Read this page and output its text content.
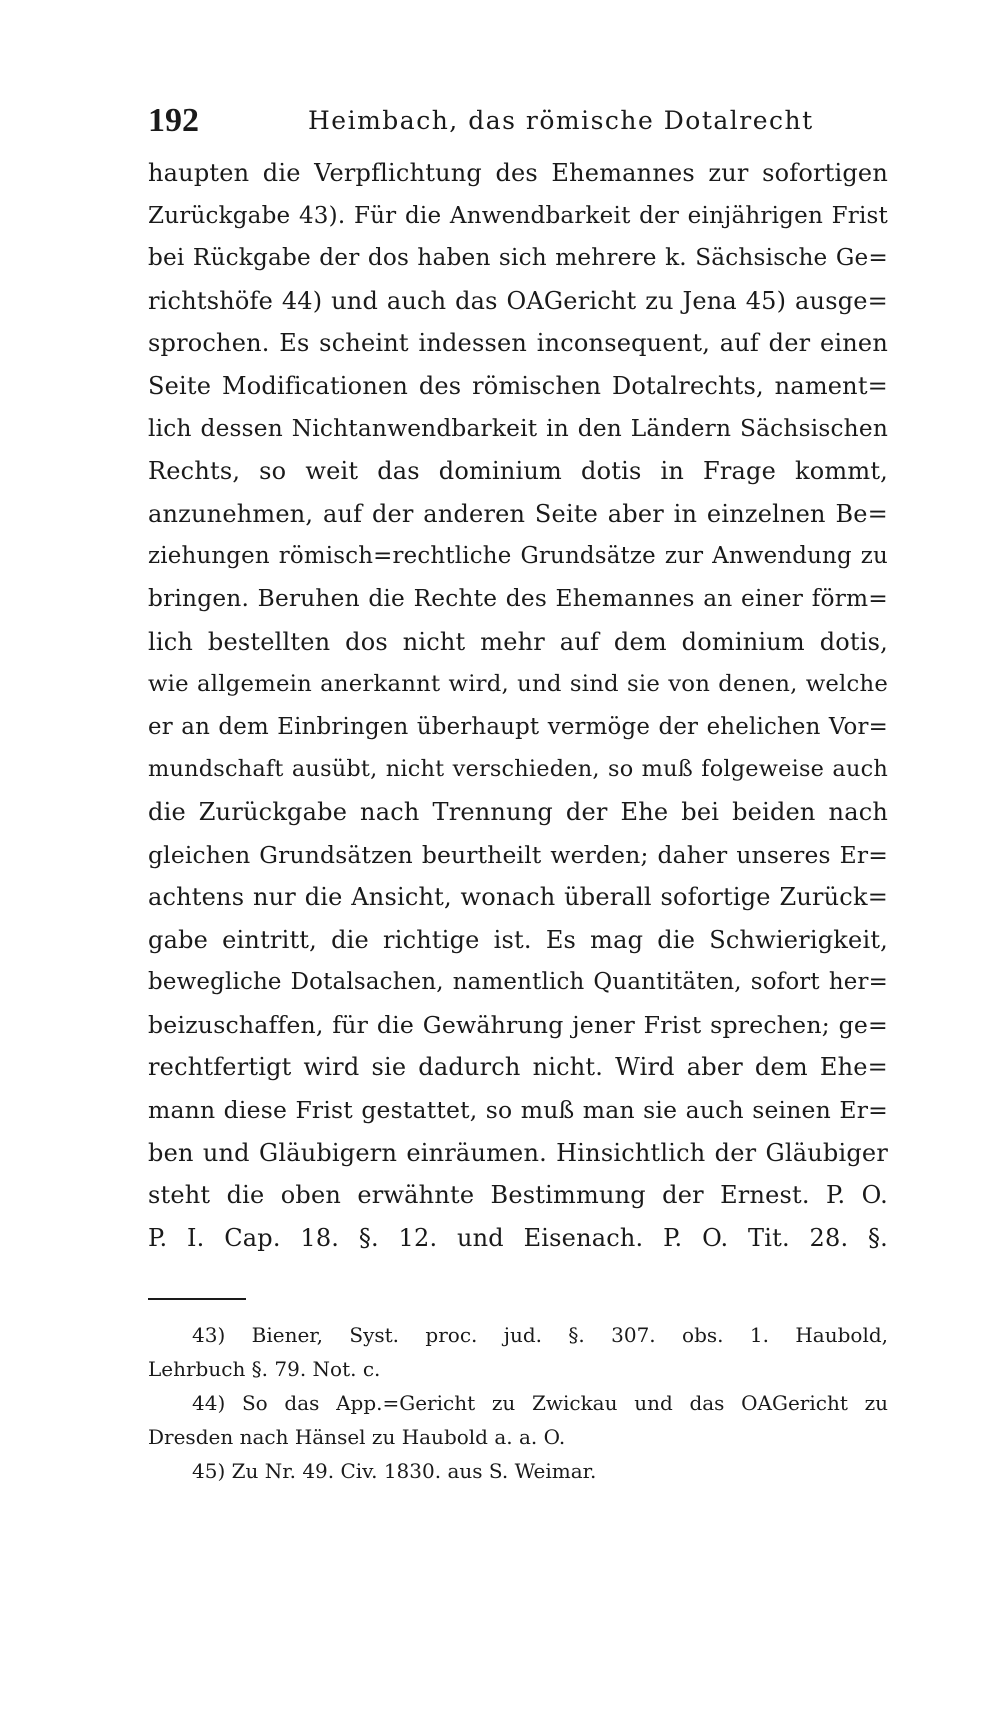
192	Heimbach, das römische Dotalrecht
haupten die Verpflichtung des Ehemannes zur sofortigen
Zurückgabe 43). Für die Anwendbarkeit der einjährigen Frist
bei Rückgabe der dos haben sich mehrere k. Sächsische Ge=
richtshöfe 44) und auch das OAGericht zu Jena 45) ausge=
sprochen. Es scheint indessen inconsequent, auf der einen
Seite Modificationen des römischen Dotalrechts, nament=
lich dessen Nichtanwendbarkeit in den Ländern Sächsischen
Rechts, so weit das dominium dotis in Frage kommt,
anzunehmen, auf der anderen Seite aber in einzelnen Be=
ziehungen römisch=rechtliche Grundsätze zur Anwendung zu
bringen. Beruhen die Rechte des Ehemannes an einer förm=
lich bestellten dos nicht mehr auf dem dominium dotis,
wie allgemein anerkannt wird, und sind sie von denen, welche
er an dem Einbringen überhaupt vermöge der ehelichen Vor=
mundschaft ausübt, nicht verschieden, so muß folgeweise auch
die Zurückgabe nach Trennung der Ehe bei beiden nach
gleichen Grundsätzen beurtheilt werden; daher unseres Er=
achtens nur die Ansicht, wonach überall sofortige Zurück=
gabe eintritt, die richtige ist. Es mag die Schwierigkeit,
bewegliche Dotalsachen, namentlich Quantitäten, sofort her=
beizuschaffen, für die Gewährung jener Frist sprechen; ge=
rechtfertigt wird sie dadurch nicht. Wird aber dem Ehe=
mann diese Frist gestattet, so muß man sie auch seinen Er=
ben und Gläubigern einräumen. Hinsichtlich der Gläubiger
steht die oben erwähnte Bestimmung der Ernest. P. O.
P. I. Cap. 18. §. 12. und Eisenach. P. O. Tit. 28. §.
43) Biener, Syst. proc. jud. §. 307. obs. 1. Haubold,
Lehrbuch §. 79. Not. c.
44) So das App.=Gericht zu Zwickau und das OAGericht zu
Dresden nach Hänsel zu Haubold a. a. O.
45) Zu Nr. 49. Civ. 1830. aus S. Weimar.
